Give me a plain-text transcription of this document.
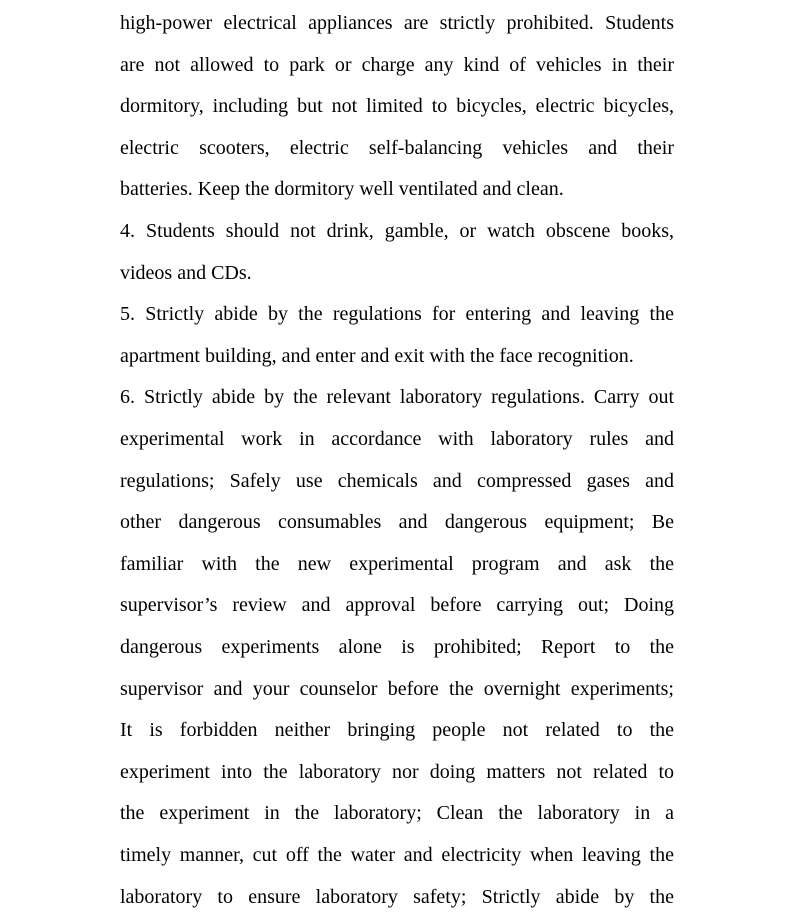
high-power electrical appliances are strictly prohibited. Students
are not allowed to park or charge any kind of vehicles in their
dormitory, including but not limited to bicycles, electric bicycles,
electric scooters, electric self-balancing vehicles and their
batteries. Keep the dormitory well ventilated and clean.
4. Students should not drink, gamble, or watch obscene books,
videos and CDs.
5. Strictly abide by the regulations for entering and leaving the
apartment building, and enter and exit with the face recognition.
6. Strictly abide by the relevant laboratory regulations. Carry out
experimental work in accordance with laboratory rules and
regulations; Safely use chemicals and compressed gases and
other dangerous consumables and dangerous equipment; Be
familiar with the new experimental program and ask the
supervisor’s review and approval before carrying out; Doing
dangerous experiments alone is prohibited; Report to the
supervisor and your counselor before the overnight experiments;
It is forbidden neither bringing people not related to the
experiment into the laboratory nor doing matters not related to
the experiment in the laboratory; Clean the laboratory in a
timely manner, cut off the water and electricity when leaving the
laboratory to ensure laboratory safety; Strictly abide by the
